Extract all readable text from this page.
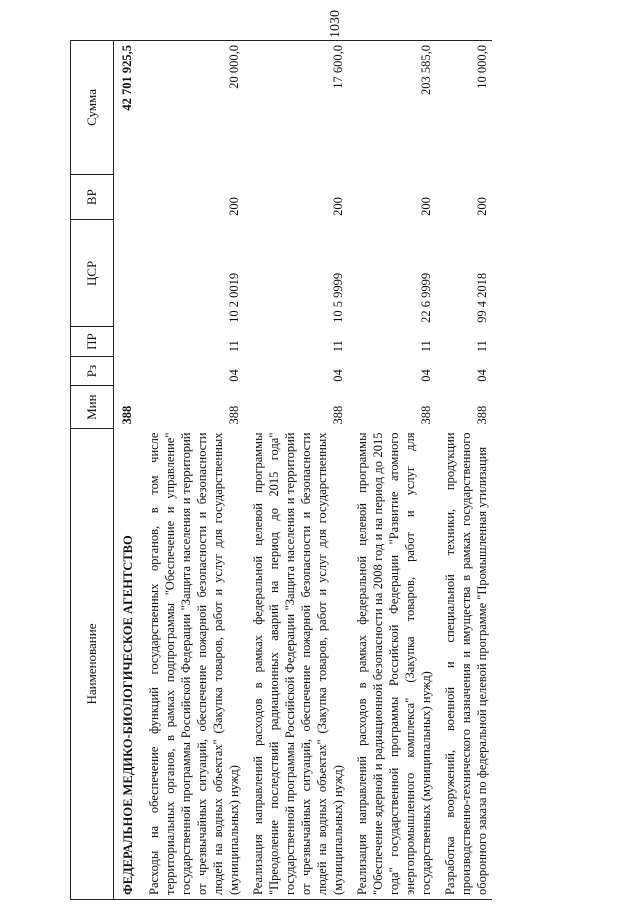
1030
Наименование	Мин	Рз	ПР	ЦСР	ВР	Сумма
ФЕДЕРАЛЬНОЕ МЕДИКО-БИОЛОГИЧЕСКОЕ АГЕНТСТВО	388					42 701 925,5
Расходы на обеспечение функций государственных органов, в том числе территориальных органов, в рамках подпрограммы "Обеспечение и управление" государственной программы Российской Федерации "Защита населения и территорий от чрезвычайных ситуаций, обеспечение пожарной безопасности и безопасности людей на водных объектах" (Закупка товаров, работ и услуг для государственных (муниципальных) нужд)	388	04	11	10 2 0019	200	20 000,0
Реализация направлений расходов в рамках федеральной целевой программы "Преодоление последствий радиационных аварий на период до 2015 года" государственной программы Российской Федерации "Защита населения и территорий от чрезвычайных ситуаций, обеспечение пожарной безопасности и безопасности людей на водных объектах" (Закупка товаров, работ и услуг для государственных (муниципальных) нужд)	388	04	11	10 5 9999	200	17 600,0
Реализация направлений расходов в рамках федеральной целевой программы "Обеспечение ядерной и радиационной безопасности на 2008 год и на период до 2015 года" государственной программы Российской Федерации "Развитие атомного энергопромышленного комплекса" (Закупка товаров, работ и услуг для государственных (муниципальных) нужд)	388	04	11	22 6 9999	200	203 585,0
Разработка вооружений, военной и специальной техники, продукции производственно-технического назначения и имущества в рамках государственного оборонного заказа по федеральной целевой программе "Промышленная утилизация	388	04	11	99 4 2018	200	10 000,0
